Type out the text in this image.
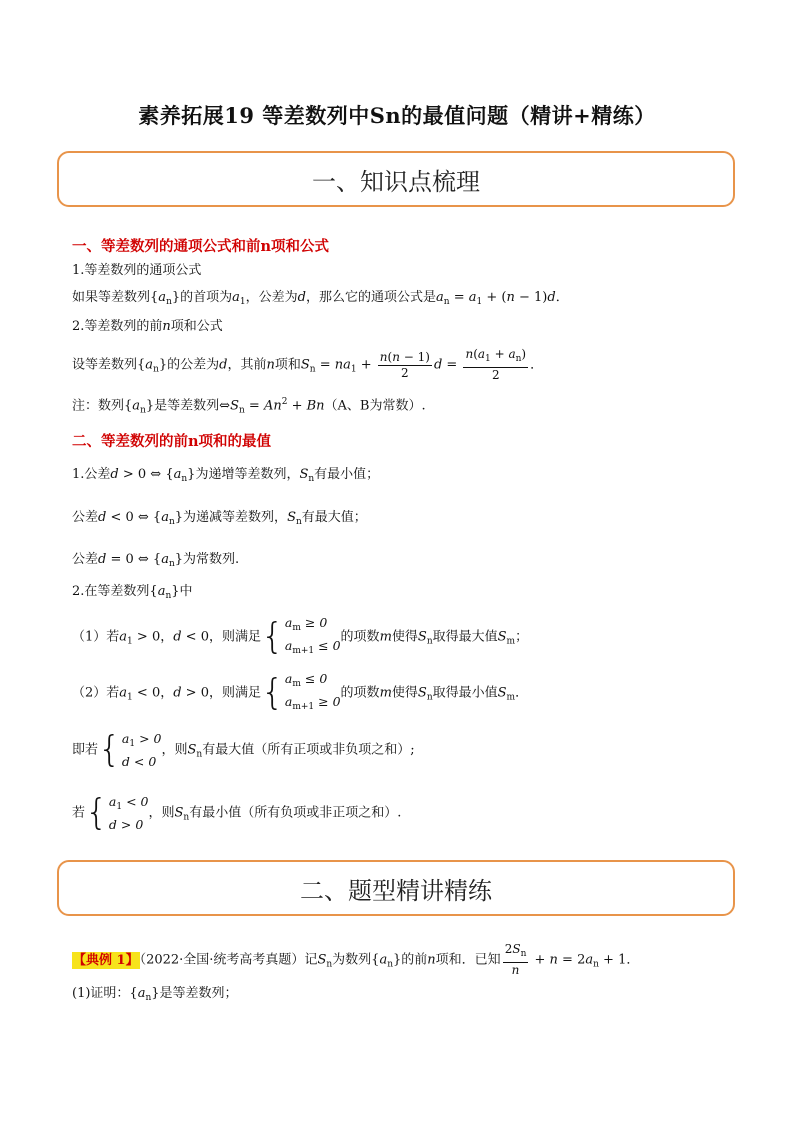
素养拓展19 等差数列中Sn的最值问题（精讲+精练）
一、知识点梳理
一、等差数列的通项公式和前n项和公式
1.等差数列的通项公式
如果等差数列$\{a_n\}$的首项为$a_1$，公差为d，那么它的通项公式是$a_n = a_1 + (n - 1)d$．
2.等差数列的前n项和公式
设等差数列$\{a_n\}$的公差为d，其前n项和$S_n = na_1 + \frac{n(n - 1)}{2}$ $d = \frac{n(a_1 + a_n)}{2}$ ．
注：数列$\{a_n\}$是等差数列$\Leftrightarrow S_n = An^2 + Bn(A$、B为常数）.
二、等差数列的前n项和的最值
1.公差d > 0 ⇔ $\{a_n\}$为递增等差数列，$S_n$有最小值；
公差d < 0 ⇔ $\{a_n\}$为递减等差数列，$S_n$有最大值；
公差d = 0 ⇔ $\{a_n\}$为常数列.
2.在等差数列$\{a_n\}$中
（1）若$a_1 > 0$，d < 0，则满足{$a_m \ge 0$
$a_{m+1} \le 0$的项数m使得$S_n$取得最大值$S_m$；
（2）若$a_1 < 0$，d > 0，则满足{$a_m \le 0$
$a_{m+1} \ge 0$的项数m使得$S_n$取得最小值$S_m$．
即若{$a_1 > 0$
d < 0，则$S_n$有最大值（所有正项或非负项之和）;
若{$a_1 < 0$
d > 0，则$S_n$有最小值（所有负项或非正项之和）.
二、题型精讲精练
【典例 1】（2022·全国·统考高考真题）记$S_n$为数列$\{a_n\}$的前n项和．已知 $\frac{2S_n}{n} + n = 2a_n + 1$．
(1)证明：$\{a_n\}$是等差数列；
